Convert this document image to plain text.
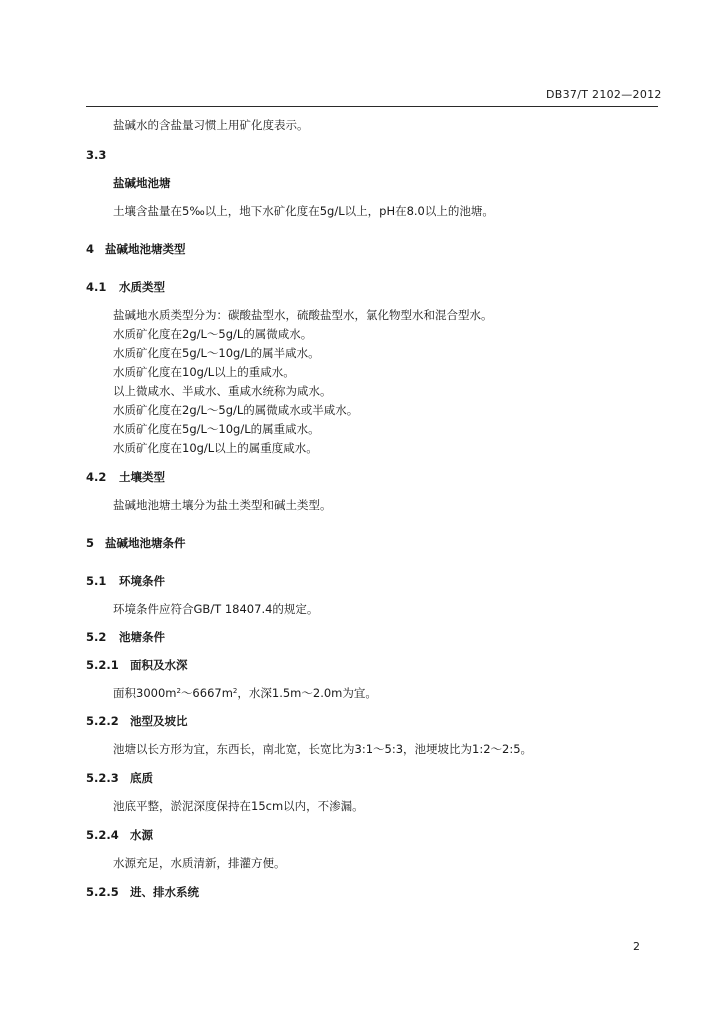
DB37/T 2102—2012
盐碱水的含盐量习惯上用矿化度表示。
3.3
盐碱地池塘
土壤含盐量在5‰以上，地下水矿化度在5g/L以上，pH在8.0以上的池塘。
4 盐碱地池塘类型
4.1 水质类型
盐碱地水质类型分为：碳酸盐型水，硫酸盐型水，氯化物型水和混合型水。
水质矿化度在2g/L～5g/L的属微咸水。
水质矿化度在5g/L～10g/L的属半咸水。
水质矿化度在10g/L以上的重咸水。
以上微咸水、半咸水、重咸水统称为咸水。
水质矿化度在2g/L～5g/L的属微咸水或半咸水。
水质矿化度在5g/L～10g/L的属重咸水。
水质矿化度在10g/L以上的属重度咸水。
4.2 土壤类型
盐碱地池塘土壤分为盐土类型和碱土类型。
5 盐碱地池塘条件
5.1 环境条件
环境条件应符合GB/T 18407.4的规定。
5.2 池塘条件
5.2.1 面积及水深
面积$3000m^2\sim 6667m^2$，水深1.5m～2.0m为宜。
5.2.2 池型及坡比
池塘以长方形为宜，东西长，南北宽，长宽比为3:1～5:3，池埂坡比为1:2～2:5。
5.2.3 底质
池底平整，淤泥深度保持在15cm以内，不渗漏。
5.2.4 水源
水源充足，水质清新，排灌方便。
5.2.5 进、排水系统
2
